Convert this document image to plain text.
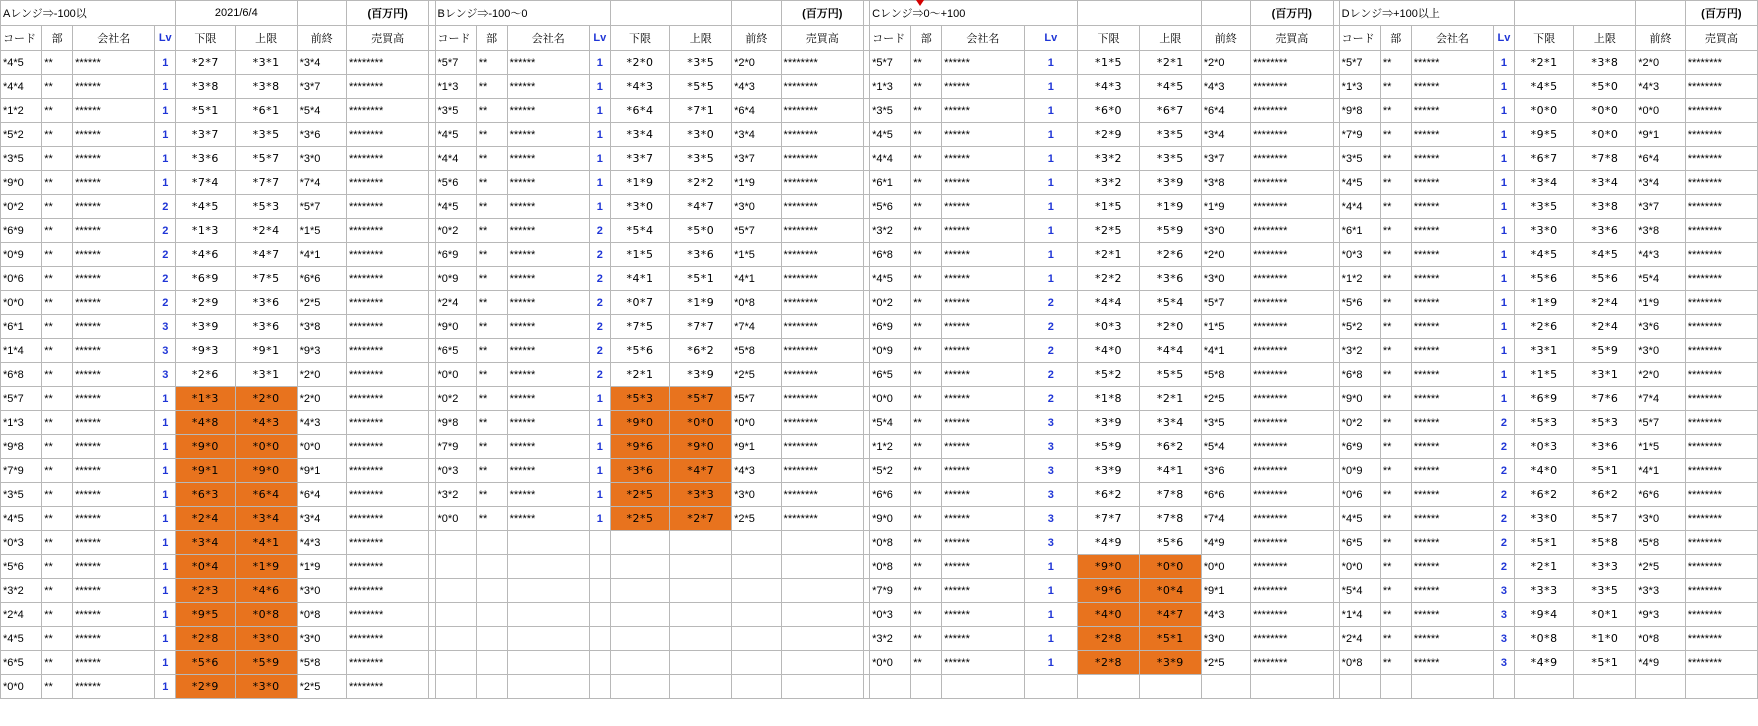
Aレンジ⇒-100以				2021/6/4			(百万円)		Bレンジ⇒-100～0							(百万円)		Cレンジ⇒0～+100							(百万円)		Dレンジ⇒+100以上							(百万円)
コード	部	会社名	Lv	下限	上限	前終	売買高		コード	部	会社名	Lv	下限	上限	前終	売買高		コード	部	会社名	Lv	下限	上限	前終	売買高		コード	部	会社名	Lv	下限	上限	前終	売買高
*4*5	**	******	1	*2*7	*3*1	*3*4	********		*5*7	**	******	1	*2*0	*3*5	*2*0	********		*5*7	**	******	1	*1*5	*2*1	*2*0	********		*5*7	**	******	1	*2*1	*3*8	*2*0	********
*4*4	**	******	1	*3*8	*3*8	*3*7	********		*1*3	**	******	1	*4*3	*5*5	*4*3	********		*1*3	**	******	1	*4*3	*4*5	*4*3	********		*1*3	**	******	1	*4*5	*5*0	*4*3	********
*1*2	**	******	1	*5*1	*6*1	*5*4	********		*3*5	**	******	1	*6*4	*7*1	*6*4	********		*3*5	**	******	1	*6*0	*6*7	*6*4	********		*9*8	**	******	1	*0*0	*0*0	*0*0	********
*5*2	**	******	1	*3*7	*3*5	*3*6	********		*4*5	**	******	1	*3*4	*3*0	*3*4	********		*4*5	**	******	1	*2*9	*3*5	*3*4	********		*7*9	**	******	1	*9*5	*0*0	*9*1	********
*3*5	**	******	1	*3*6	*5*7	*3*0	********		*4*4	**	******	1	*3*7	*3*5	*3*7	********		*4*4	**	******	1	*3*2	*3*5	*3*7	********		*3*5	**	******	1	*6*7	*7*8	*6*4	********
*9*0	**	******	1	*7*4	*7*7	*7*4	********		*5*6	**	******	1	*1*9	*2*2	*1*9	********		*6*1	**	******	1	*3*2	*3*9	*3*8	********		*4*5	**	******	1	*3*4	*3*4	*3*4	********
*0*2	**	******	2	*4*5	*5*3	*5*7	********		*4*5	**	******	1	*3*0	*4*7	*3*0	********		*5*6	**	******	1	*1*5	*1*9	*1*9	********		*4*4	**	******	1	*3*5	*3*8	*3*7	********
*6*9	**	******	2	*1*3	*2*4	*1*5	********		*0*2	**	******	2	*5*4	*5*0	*5*7	********		*3*2	**	******	1	*2*5	*5*9	*3*0	********		*6*1	**	******	1	*3*0	*3*6	*3*8	********
*0*9	**	******	2	*4*6	*4*7	*4*1	********		*6*9	**	******	2	*1*5	*3*6	*1*5	********		*6*8	**	******	1	*2*1	*2*6	*2*0	********		*0*3	**	******	1	*4*5	*4*5	*4*3	********
*0*6	**	******	2	*6*9	*7*5	*6*6	********		*0*9	**	******	2	*4*1	*5*1	*4*1	********		*4*5	**	******	1	*2*2	*3*6	*3*0	********		*1*2	**	******	1	*5*6	*5*6	*5*4	********
*0*0	**	******	2	*2*9	*3*6	*2*5	********		*2*4	**	******	2	*0*7	*1*9	*0*8	********		*0*2	**	******	2	*4*4	*5*4	*5*7	********		*5*6	**	******	1	*1*9	*2*4	*1*9	********
*6*1	**	******	3	*3*9	*3*6	*3*8	********		*9*0	**	******	2	*7*5	*7*7	*7*4	********		*6*9	**	******	2	*0*3	*2*0	*1*5	********		*5*2	**	******	1	*2*6	*2*4	*3*6	********
*1*4	**	******	3	*9*3	*9*1	*9*3	********		*6*5	**	******	2	*5*6	*6*2	*5*8	********		*0*9	**	******	2	*4*0	*4*4	*4*1	********		*3*2	**	******	1	*3*1	*5*9	*3*0	********
*6*8	**	******	3	*2*6	*3*1	*2*0	********		*0*0	**	******	2	*2*1	*3*9	*2*5	********		*6*5	**	******	2	*5*2	*5*5	*5*8	********		*6*8	**	******	1	*1*5	*3*1	*2*0	********
*5*7	**	******	1	*1*3	*2*0	*2*0	********		*0*2	**	******	1	*5*3	*5*7	*5*7	********		*0*0	**	******	2	*1*8	*2*1	*2*5	********		*9*0	**	******	1	*6*9	*7*6	*7*4	********
*1*3	**	******	1	*4*8	*4*3	*4*3	********		*9*8	**	******	1	*9*0	*0*0	*0*0	********		*5*4	**	******	3	*3*9	*3*4	*3*5	********		*0*2	**	******	2	*5*3	*5*3	*5*7	********
*9*8	**	******	1	*9*0	*0*0	*0*0	********		*7*9	**	******	1	*9*6	*9*0	*9*1	********		*1*2	**	******	3	*5*9	*6*2	*5*4	********		*6*9	**	******	2	*0*3	*3*6	*1*5	********
*7*9	**	******	1	*9*1	*9*0	*9*1	********		*0*3	**	******	1	*3*6	*4*7	*4*3	********		*5*2	**	******	3	*3*9	*4*1	*3*6	********		*0*9	**	******	2	*4*0	*5*1	*4*1	********
*3*5	**	******	1	*6*3	*6*4	*6*4	********		*3*2	**	******	1	*2*5	*3*3	*3*0	********		*6*6	**	******	3	*6*2	*7*8	*6*6	********		*0*6	**	******	2	*6*2	*6*2	*6*6	********
*4*5	**	******	1	*2*4	*3*4	*3*4	********		*0*0	**	******	1	*2*5	*2*7	*2*5	********		*9*0	**	******	3	*7*7	*7*8	*7*4	********		*4*5	**	******	2	*3*0	*5*7	*3*0	********
*0*3	**	******	1	*3*4	*4*1	*4*3	********											*0*8	**	******	3	*4*9	*5*6	*4*9	********		*6*5	**	******	2	*5*1	*5*8	*5*8	********
*5*6	**	******	1	*0*4	*1*9	*1*9	********											*0*8	**	******	1	*9*0	*0*0	*0*0	********		*0*0	**	******	2	*2*1	*3*3	*2*5	********
*3*2	**	******	1	*2*3	*4*6	*3*0	********											*7*9	**	******	1	*9*6	*0*4	*9*1	********		*5*4	**	******	3	*3*3	*3*5	*3*3	********
*2*4	**	******	1	*9*5	*0*8	*0*8	********											*0*3	**	******	1	*4*0	*4*7	*4*3	********		*1*4	**	******	3	*9*4	*0*1	*9*3	********
*4*5	**	******	1	*2*8	*3*0	*3*0	********											*3*2	**	******	1	*2*8	*5*1	*3*0	********		*2*4	**	******	3	*0*8	*1*0	*0*8	********
*6*5	**	******	1	*5*6	*5*9	*5*8	********											*0*0	**	******	1	*2*8	*3*9	*2*5	********		*0*8	**	******	3	*4*9	*5*1	*4*9	********
*0*0	**	******	1	*2*9	*3*0	*2*5	********																											
